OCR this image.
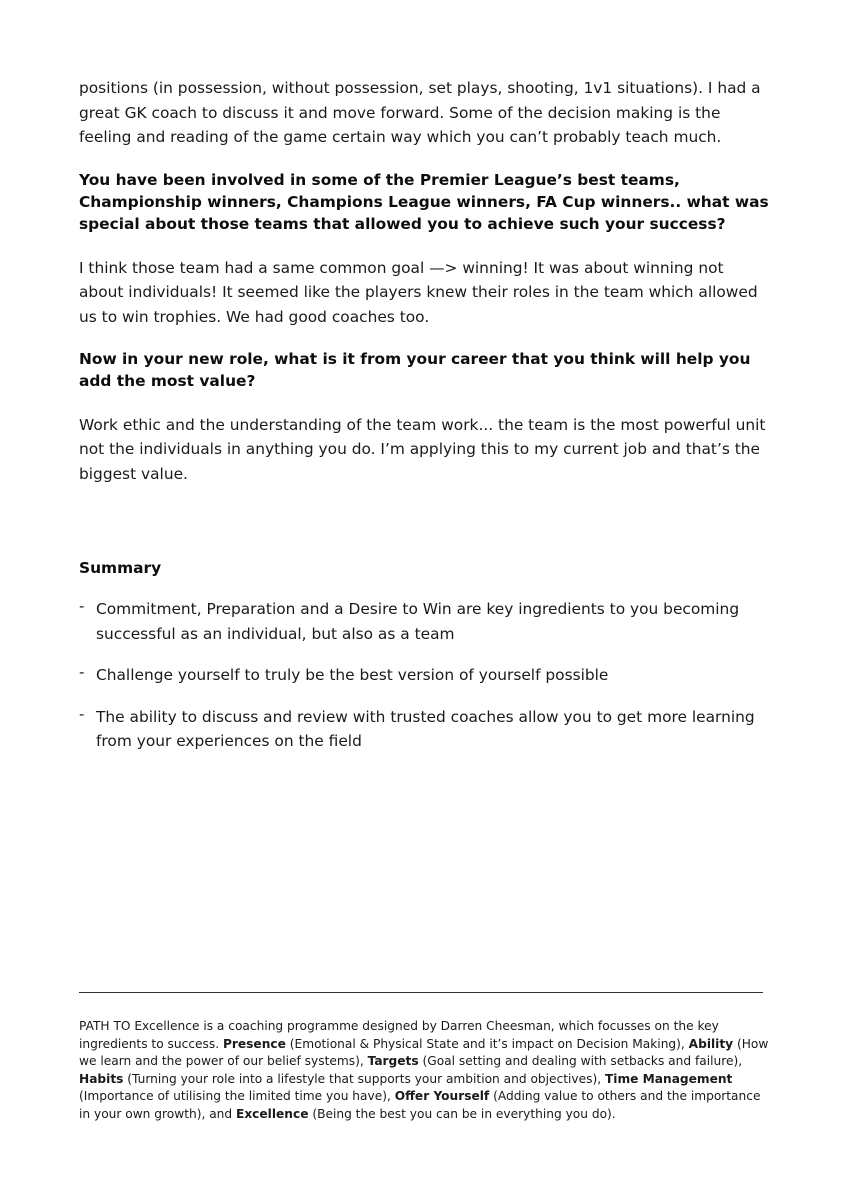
positions (in possession, without possession, set plays, shooting, 1v1 situations). I had a great GK coach to discuss it and move forward. Some of the decision making is the feeling and reading of the game certain way which you can’t probably teach much.

You have been involved in some of the Premier League’s best teams, Championship winners, Champions League winners, FA Cup winners.. what was special about those teams that allowed you to achieve such your success?

I think those team had a same common goal —> winning! It was about winning not about individuals! It seemed like the players knew their roles in the team which allowed us to win trophies. We had good coaches too.

Now in your new role, what is it from your career that you think will help you add the most value?

Work ethic and the understanding of the team work... the team is the most powerful unit not the individuals in anything you do. I’m applying this to my current job and that’s the biggest value.

Summary
- Commitment, Preparation and a Desire to Win are key ingredients to you becoming successful as an individual, but also as a team
- Challenge yourself to truly be the best version of yourself possible
- The ability to discuss and review with trusted coaches allow you to get more learning from your experiences on the field
PATH TO Excellence is a coaching programme designed by Darren Cheesman, which focusses on the key ingredients to success. Presence (Emotional & Physical State and it’s impact on Decision Making), Ability (How we learn and the power of our belief systems), Targets (Goal setting and dealing with setbacks and failure), Habits (Turning your role into a lifestyle that supports your ambition and objectives), Time Management (Importance of utilising the limited time you have), Offer Yourself (Adding value to others and the importance in your own growth), and Excellence (Being the best you can be in everything you do).
